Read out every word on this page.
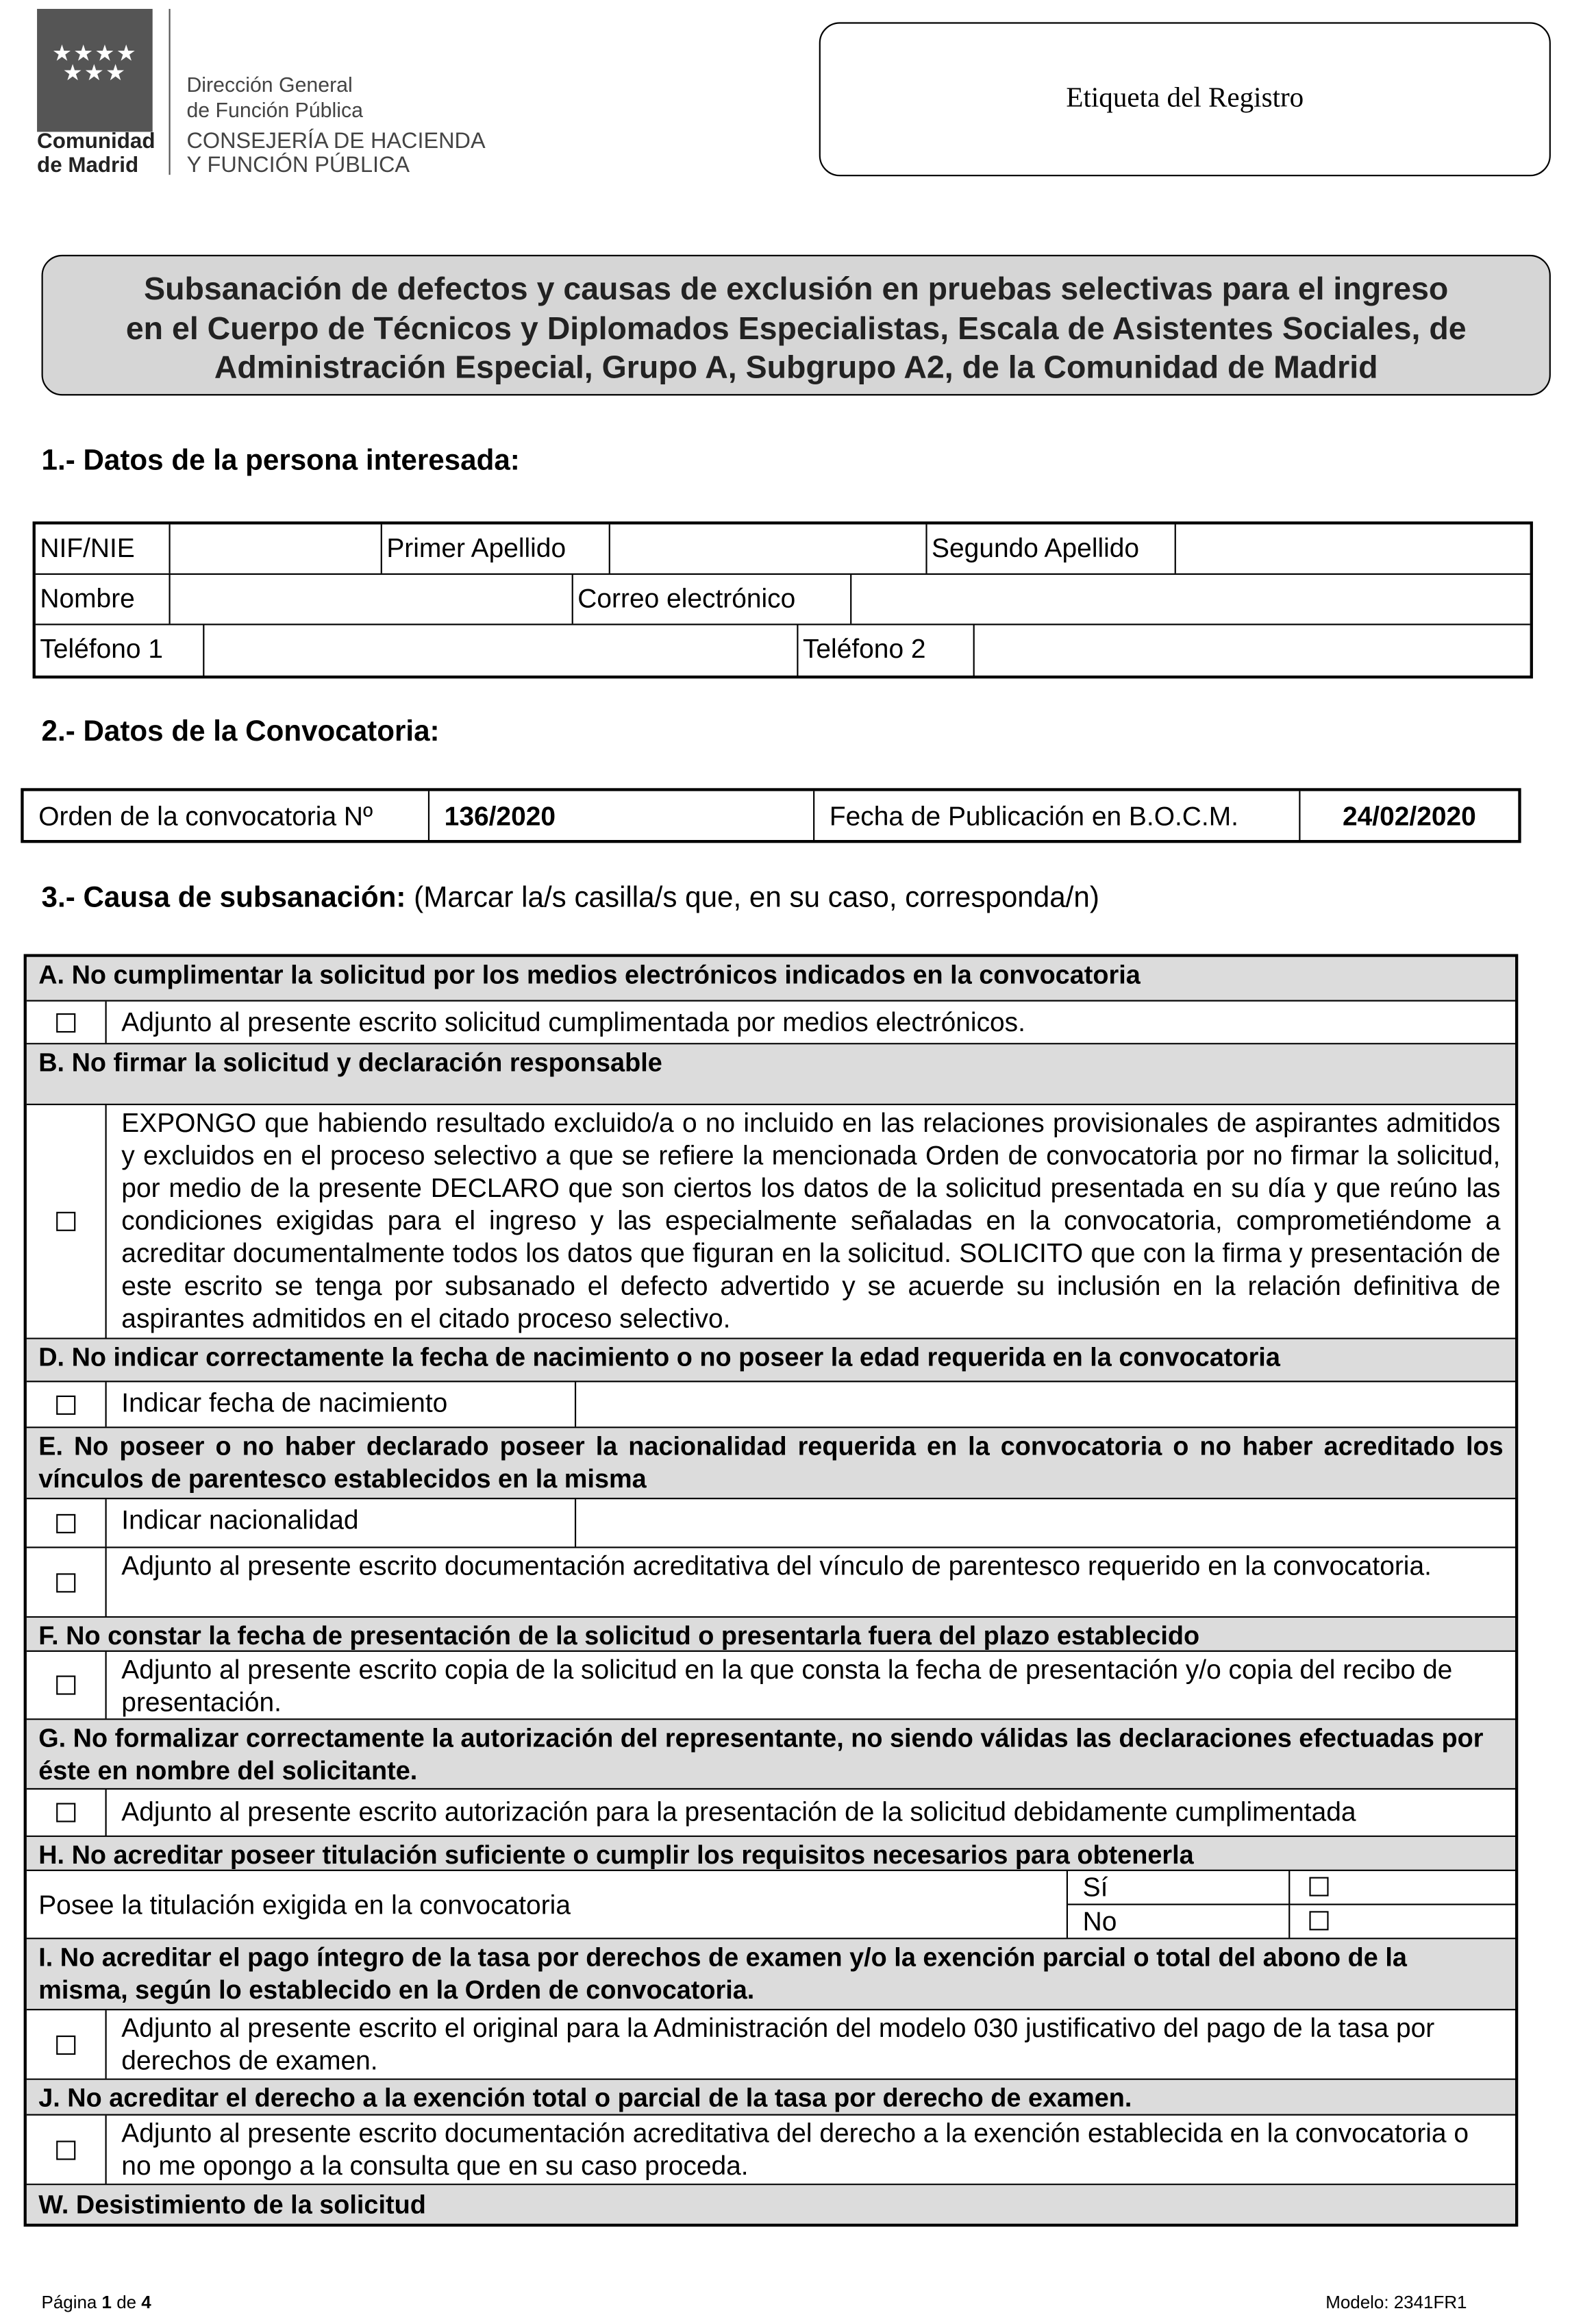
★★★★
★★★
Comunidad
de Madrid
Dirección General
de Función Pública
CONSEJERÍA DE HACIENDA
Y FUNCIÓN PÚBLICA
Etiqueta del Registro
Subsanación de defectos y causas de exclusión en pruebas selectivas para el ingreso
en el Cuerpo de Técnicos y Diplomados Especialistas, Escala de Asistentes Sociales, de
Administración Especial, Grupo A, Subgrupo A2, de la Comunidad de Madrid
1.- Datos de la persona interesada:
NIF/NIE	Primer Apellido	Segundo Apellido
Nombre	Correo electrónico
Teléfono 1	Teléfono 2
2.- Datos de la Convocatoria:
Orden de la convocatoria Nº	136/2020	Fecha de Publicación en B.O.C.M.	24/02/2020
3.- Causa de subsanación: (Marcar la/s casilla/s que, en su caso, corresponda/n)
A. No cumplimentar la solicitud por los medios electrónicos indicados en la convocatoria
Adjunto al presente escrito solicitud cumplimentada por medios electrónicos.
B. No firmar la solicitud y declaración responsable
EXPONGO que habiendo resultado excluido/a o no incluido en las relaciones provisionales de aspirantes admitidos y excluidos en el proceso selectivo a que se refiere la mencionada Orden de convocatoria por no firmar la solicitud, por medio de la presente DECLARO que son ciertos los datos de la solicitud presentada en su día y que reúno las condiciones exigidas para el ingreso y las especialmente señaladas en la convocatoria, comprometiéndome a acreditar documentalmente todos los datos que figuran en la solicitud. SOLICITO que con la firma y presentación de este escrito se tenga por subsanado el defecto advertido y se acuerde su inclusión en la relación definitiva de aspirantes admitidos en el citado proceso selectivo.
D. No indicar correctamente la fecha de nacimiento o no poseer la edad requerida en la convocatoria
Indicar fecha de nacimiento
E. No poseer o no haber declarado poseer la nacionalidad requerida en la convocatoria o no haber acreditado los vínculos de parentesco establecidos en la misma
Indicar nacionalidad
Adjunto al presente escrito documentación acreditativa del vínculo de parentesco requerido en la convocatoria.
F. No constar la fecha de presentación de la solicitud o presentarla fuera del plazo establecido
Adjunto al presente escrito copia de la solicitud en la que consta la fecha de presentación y/o copia del recibo de presentación.
G. No formalizar correctamente la autorización del representante, no siendo válidas las declaraciones efectuadas por éste en nombre del solicitante.
Adjunto al presente escrito autorización para la presentación de la solicitud debidamente cumplimentada
H. No acreditar poseer titulación suficiente o cumplir los requisitos necesarios para obtenerla
Posee la titulación exigida en la convocatoria
Sí
No
I. No acreditar el pago íntegro de la tasa por derechos de examen y/o la exención parcial o total del abono de la misma, según lo establecido en la Orden de convocatoria.
Adjunto al presente escrito el original para la Administración del modelo 030 justificativo del pago de la tasa por derechos de examen.
J. No acreditar el derecho a la exención total o parcial de la tasa por derecho de examen.
Adjunto al presente escrito documentación acreditativa del derecho a la exención establecida en la convocatoria o no me opongo a la consulta que en su caso proceda.
W. Desistimiento de la solicitud
Página 1 de 4	Modelo: 2341FR1
